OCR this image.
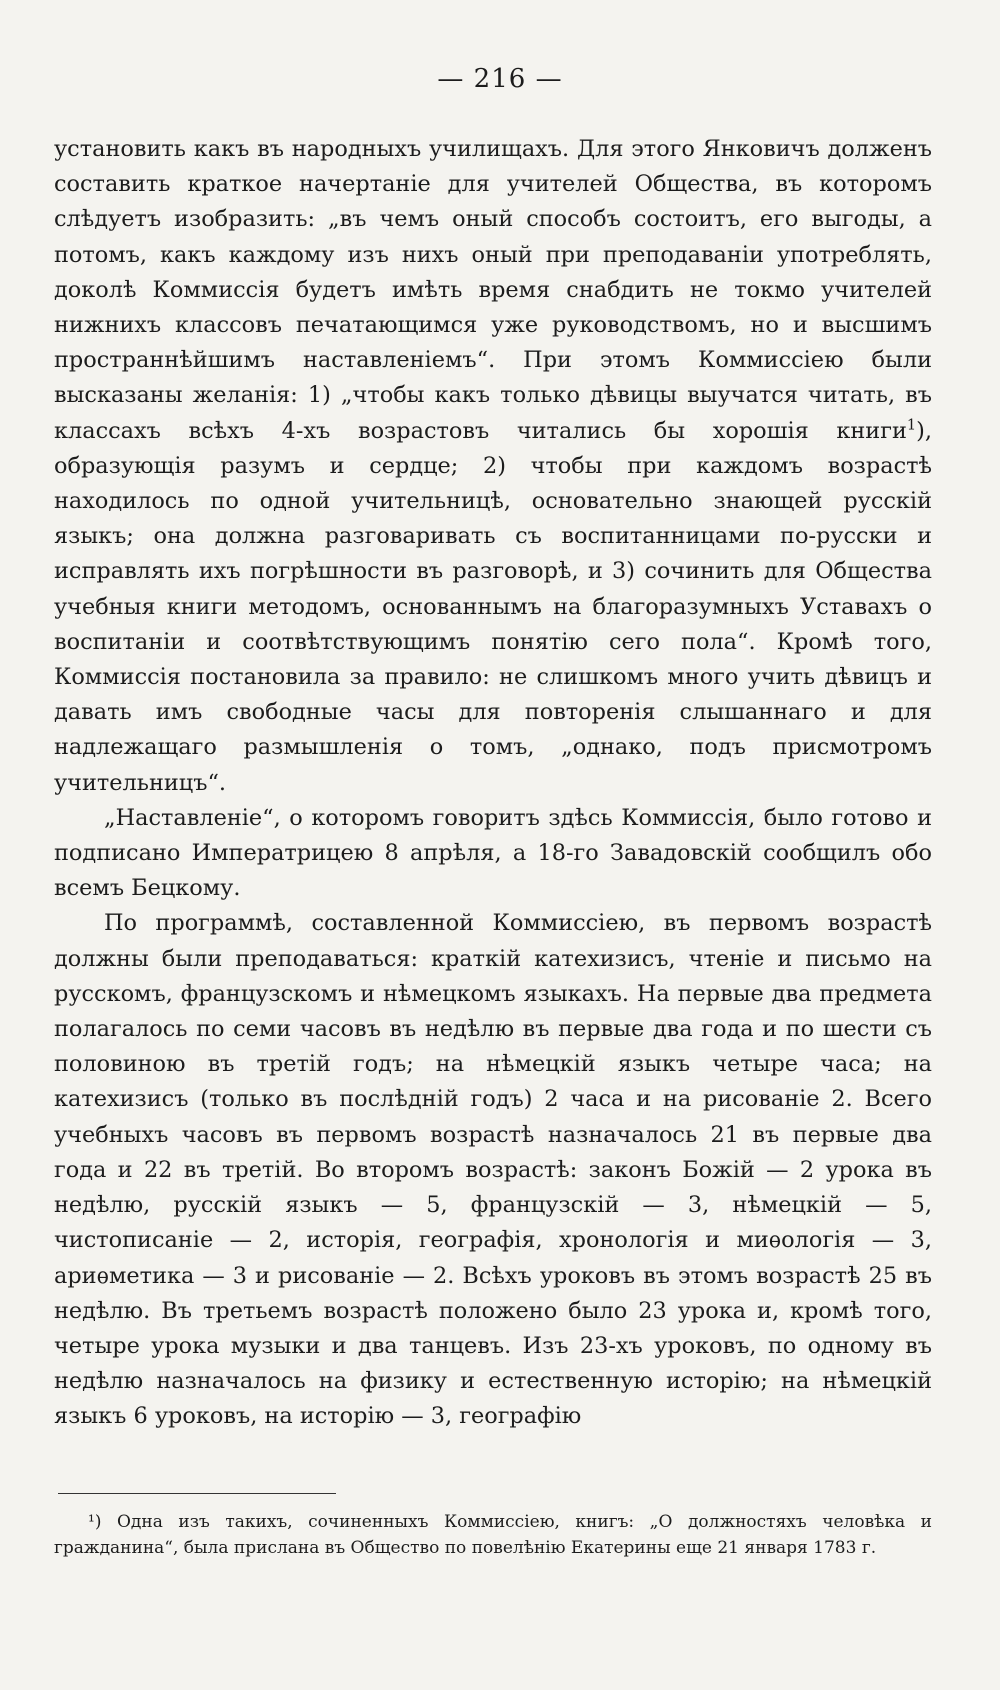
— 216 —

установить какъ въ народныхъ училищахъ. Для этого Янковичъ долженъ составить краткое начертаніе для учителей Общества, въ которомъ слѣдуетъ изобразить: „въ чемъ оный способъ состоитъ, его выгоды, а потомъ, какъ каждому изъ нихъ оный при преподаваніи употреблять, доколѣ Коммиссія будетъ имѣть время снабдить не токмо учителей нижнихъ классовъ печатающимся уже руководствомъ, но и высшимъ пространнѣйшимъ наставленіемъ“. При этомъ Коммиссіею были высказаны желанія: 1) „чтобы какъ только дѣвицы выучатся читать, въ классахъ всѣхъ 4-хъ возрастовъ читались бы хорошія книги$^1$), образующія разумъ и сердце; 2) чтобы при каждомъ возрастѣ находилось по одной учительницѣ, основательно знающей русскій языкъ; она должна разговаривать съ воспитанницами по-русски и исправлять ихъ погрѣшности въ разговорѣ, и 3) сочинить для Общества учебныя книги методомъ, основаннымъ на благоразумныхъ Уставахъ о воспитаніи и соотвѣтствующимъ понятію сего пола“. Кромѣ того, Коммиссія постановила за правило: не слишкомъ много учить дѣвицъ и давать имъ свободные часы для повторенія слышаннаго и для надлежащаго размышленія о томъ, „однако, подъ присмотромъ учительницъ“.

„Наставленіе“, о которомъ говоритъ здѣсь Коммиссія, было готово и подписано Императрицею 8 апрѣля, а 18-го Завадовскій сообщилъ обо всемъ Бецкому.

По программѣ, составленной Коммиссіею, въ первомъ возрастѣ должны были преподаваться: краткій катехизисъ, чтеніе и письмо на русскомъ, французскомъ и нѣмецкомъ языкахъ. На первые два предмета полагалось по семи часовъ въ недѣлю въ первые два года и по шести съ половиною въ третій годъ; на нѣмецкій языкъ четыре часа; на катехизисъ (только въ послѣдній годъ) 2 часа и на рисованіе 2. Всего учебныхъ часовъ въ первомъ возрастѣ назначалось 21 въ первые два года и 22 въ третій. Во второмъ возрастѣ: законъ Божій — 2 урока въ недѣлю, русскій языкъ — 5, французскій — 3, нѣмецкій — 5, чистописаніе — 2, исторія, географія, хронологія и миѳологія — 3, ариѳметика — 3 и рисованіе — 2. Всѣхъ уроковъ въ этомъ возрастѣ 25 въ недѣлю. Въ третьемъ возрастѣ положено было 23 урока и, кромѣ того, четыре урока музыки и два танцевъ. Изъ 23-хъ уроковъ, по одному въ недѣлю назначалось на физику и естественную исторію; на нѣмецкій языкъ 6 уроковъ, на исторію — 3, географію

¹) Одна изъ такихъ, сочиненныхъ Коммиссіею, книгъ: „О должностяхъ человѣка и гражданина“, была прислана въ Общество по повелѣнію Екатерины еще 21 января 1783 г.
